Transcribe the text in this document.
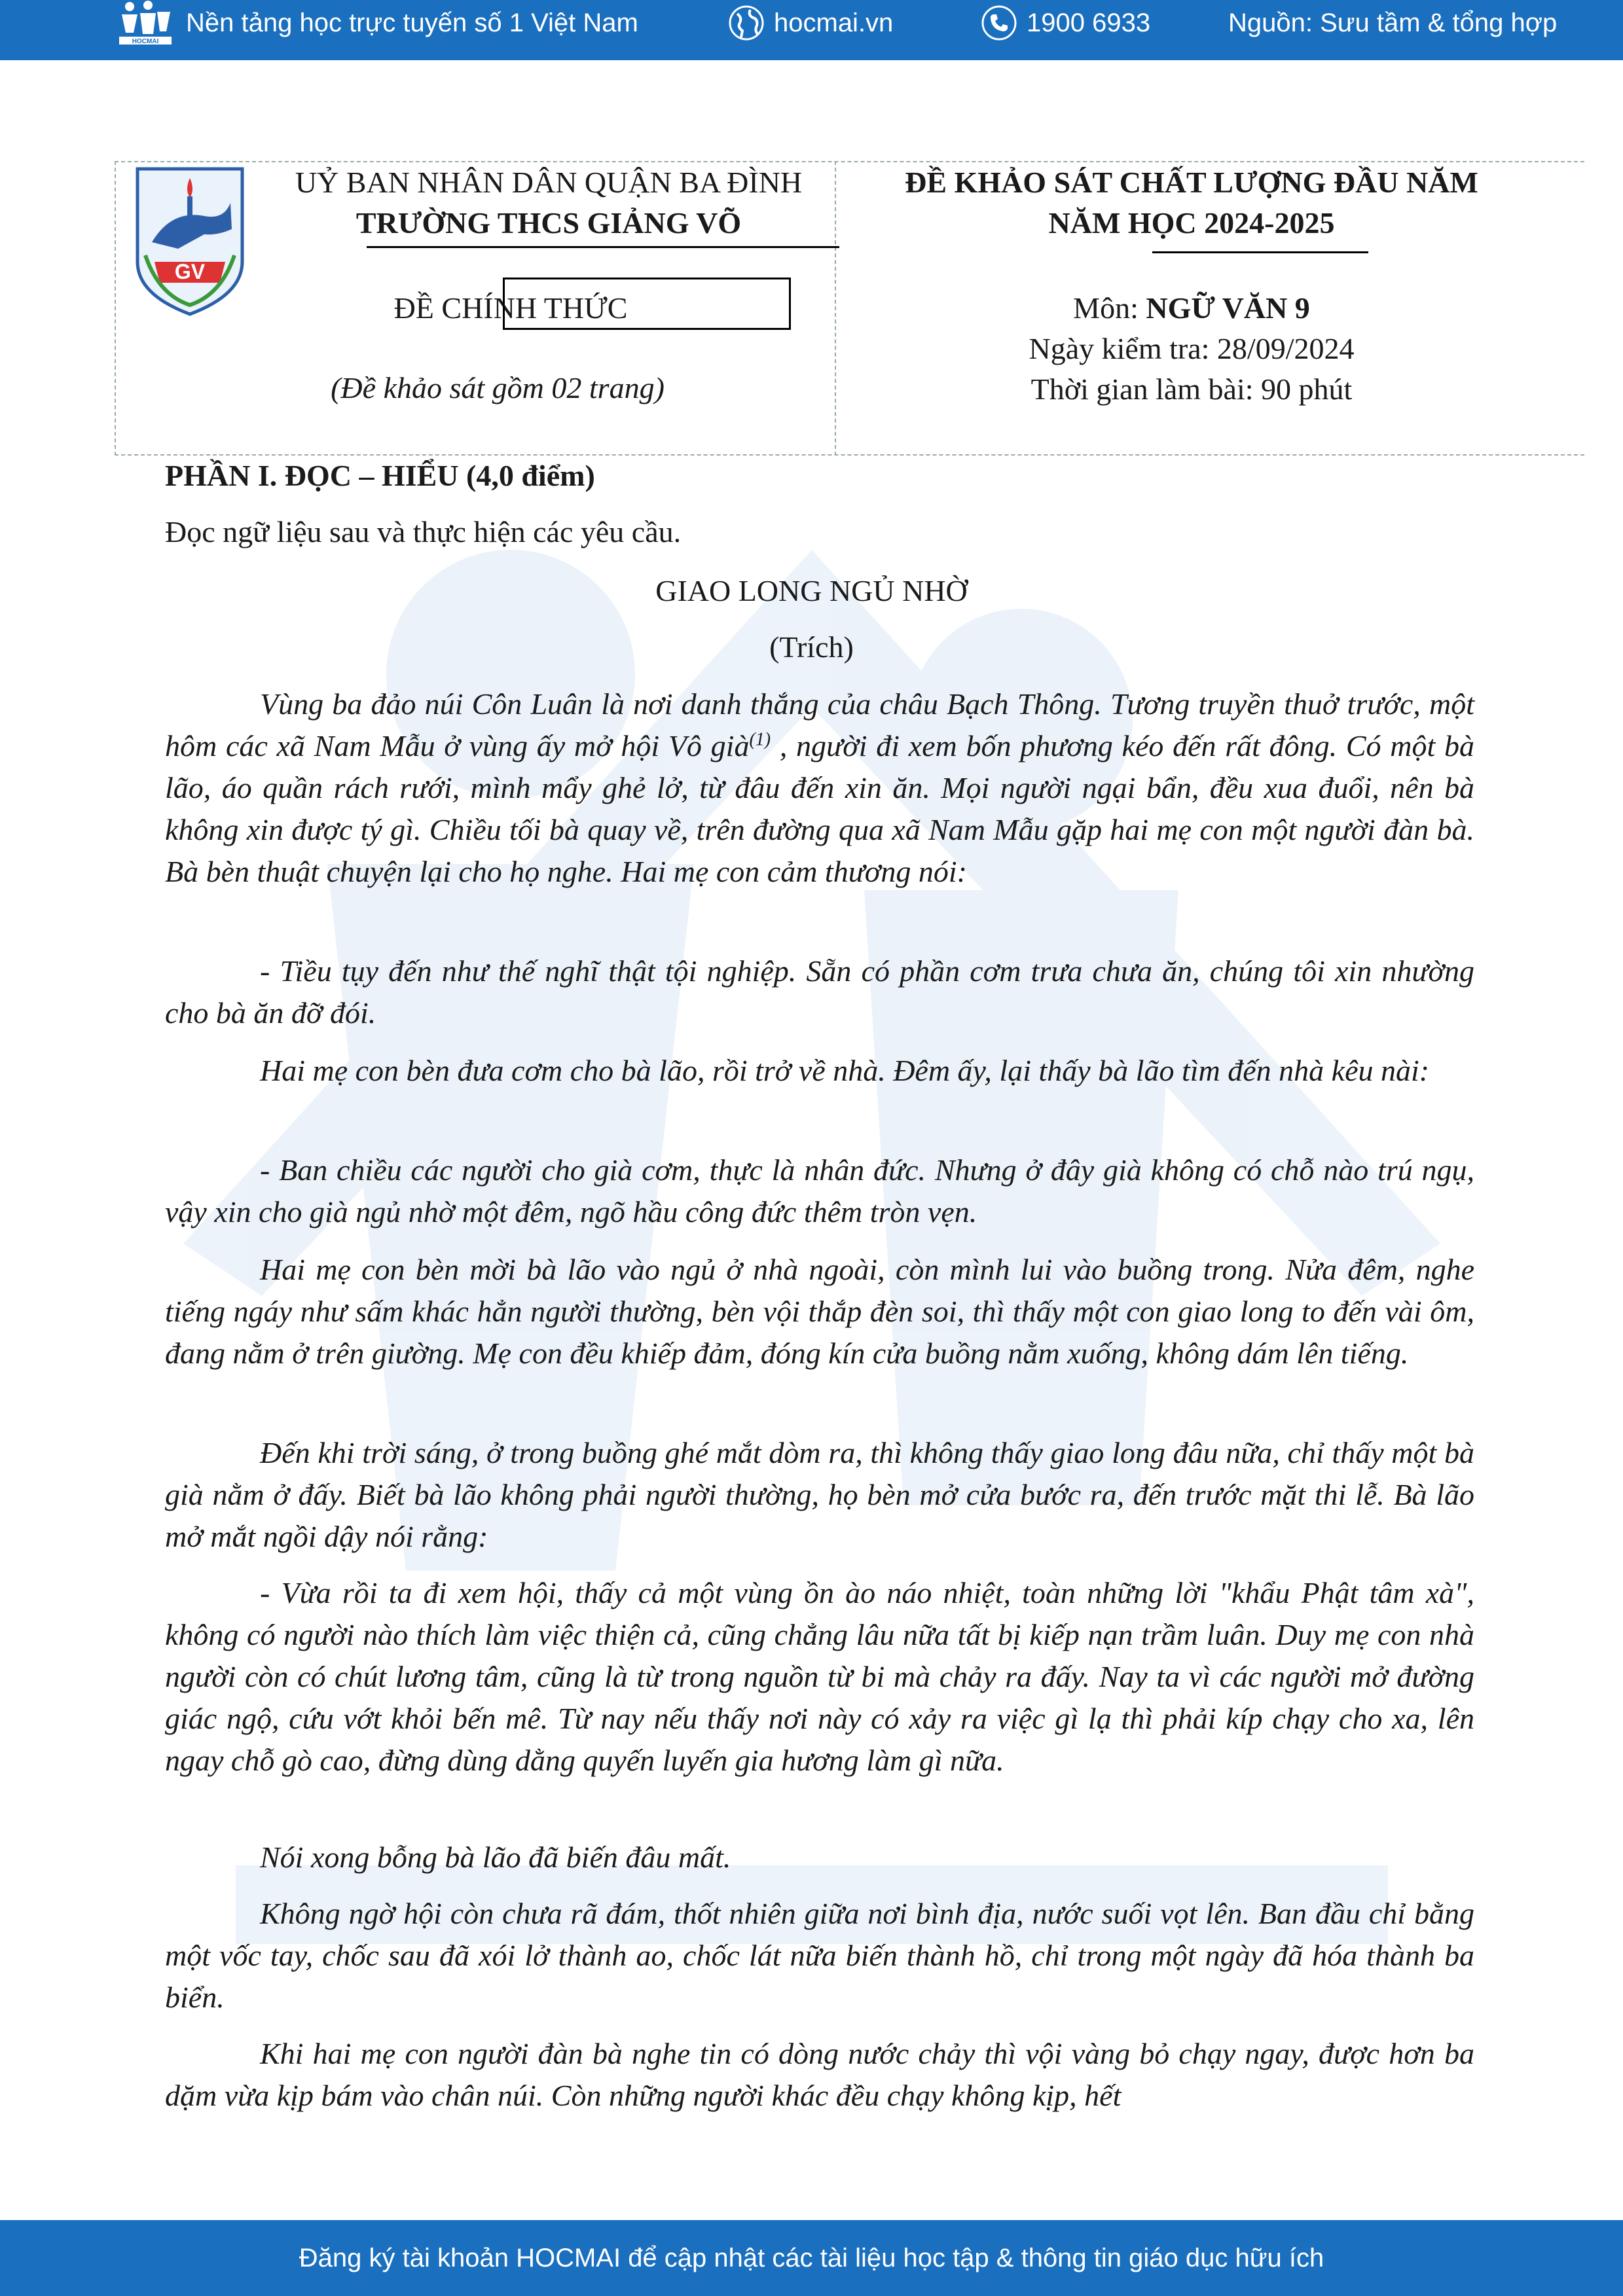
HOCMAI
Nền tảng học trực tuyến số 1 Việt Nam	hocmai.vn	1900 6933	Nguồn: Sưu tầm & tổng hợp
GV
UỶ BAN NHÂN DÂN QUẬN BA ĐÌNH
TRƯỜNG THCS GIẢNG VÕ
ĐỀ CHÍNH THỨC
(Đề khảo sát gồm 02 trang)
ĐỀ KHẢO SÁT CHẤT LƯỢNG ĐẦU NĂM
NĂM HỌC 2024-2025
Môn: NGỮ VĂN 9
Ngày kiểm tra: 28/09/2024
Thời gian làm bài: 90 phút
PHẦN I. ĐỌC – HIỂU (4,0 điểm)
Đọc ngữ liệu sau và thực hiện các yêu cầu.
GIAO LONG NGỦ NHỜ
(Trích)
Vùng ba đảo núi Côn Luân là nơi danh thắng của châu Bạch Thông. Tương truyền thuở trước, một hôm các xã Nam Mẫu ở vùng ấy mở hội Vô già$^{(1)}$ , người đi xem bốn phương kéo đến rất đông. Có một bà lão, áo quần rách rưới, mình mẩy ghẻ lở, từ đâu đến xin ăn. Mọi người ngại bẩn, đều xua đuổi, nên bà không xin được tý gì. Chiều tối bà quay về, trên đường qua xã Nam Mẫu gặp hai mẹ con một người đàn bà. Bà bèn thuật chuyện lại cho họ nghe. Hai mẹ con cảm thương nói:
- Tiều tụy đến như thế nghĩ thật tội nghiệp. Sẵn có phần cơm trưa chưa ăn, chúng tôi xin nhường cho bà ăn đỡ đói.
Hai mẹ con bèn đưa cơm cho bà lão, rồi trở về nhà. Đêm ấy, lại thấy bà lão tìm đến nhà kêu nài:
- Ban chiều các người cho già cơm, thực là nhân đức. Nhưng ở đây già không có chỗ nào trú ngụ, vậy xin cho già ngủ nhờ một đêm, ngõ hầu công đức thêm tròn vẹn.
Hai mẹ con bèn mời bà lão vào ngủ ở nhà ngoài, còn mình lui vào buồng trong. Nửa đêm, nghe tiếng ngáy như sấm khác hẳn người thường, bèn vội thắp đèn soi, thì thấy một con giao long to đến vài ôm, đang nằm ở trên giường. Mẹ con đều khiếp đảm, đóng kín cửa buồng nằm xuống, không dám lên tiếng.
Đến khi trời sáng, ở trong buồng ghé mắt dòm ra, thì không thấy giao long đâu nữa, chỉ thấy một bà già nằm ở đấy. Biết bà lão không phải người thường, họ bèn mở cửa bước ra, đến trước mặt thi lễ. Bà lão mở mắt ngồi dậy nói rằng:
- Vừa rồi ta đi xem hội, thấy cả một vùng ồn ào náo nhiệt, toàn những lời "khẩu Phật tâm xà", không có người nào thích làm việc thiện cả, cũng chẳng lâu nữa tất bị kiếp nạn trầm luân. Duy mẹ con nhà người còn có chút lương tâm, cũng là từ trong nguồn từ bi mà chảy ra đấy. Nay ta vì các người mở đường giác ngộ, cứu vớt khỏi bến mê. Từ nay nếu thấy nơi này có xảy ra việc gì lạ thì phải kíp chạy cho xa, lên ngay chỗ gò cao, đừng dùng dằng quyến luyến gia hương làm gì nữa.
Nói xong bỗng bà lão đã biến đâu mất.
Không ngờ hội còn chưa rã đám, thốt nhiên giữa nơi bình địa, nước suối vọt lên. Ban đầu chỉ bằng một vốc tay, chốc sau đã xói lở thành ao, chốc lát nữa biến thành hồ, chỉ trong một ngày đã hóa thành ba biển.
Khi hai mẹ con người đàn bà nghe tin có dòng nước chảy thì vội vàng bỏ chạy ngay, được hơn ba dặm vừa kịp bám vào chân núi. Còn những người khác đều chạy không kịp, hết
Đăng ký tài khoản HOCMAI để cập nhật các tài liệu học tập & thông tin giáo dục hữu ích
